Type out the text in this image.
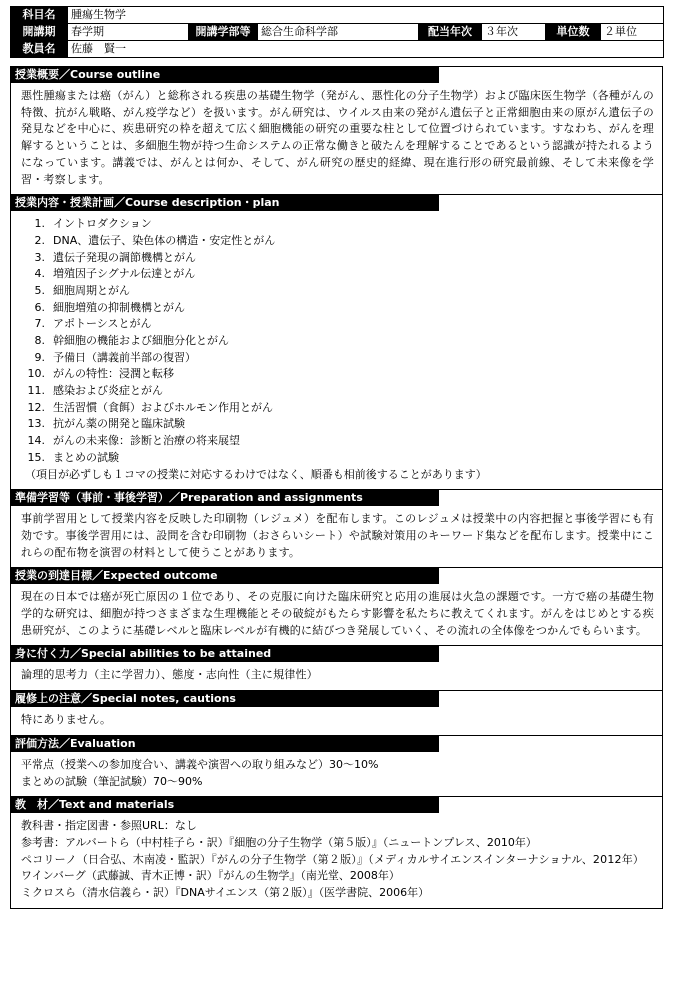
科目名	腫瘍生物学						
開講期	春学期	開講学部等	総合生命科学部	配当年次	３年次	単位数	２単位
教員名	佐藤　賢一						
授業概要／Course outline

悪性腫瘍または癌（がん）と総称される疾患の基礎生物学（発がん、悪性化の分子生物学）および臨床医生物学（各種がんの特徴、抗がん戦略、がん疫学など）を扱います。がん研究は、ウイルス由来の発がん遺伝子と正常細胞由来の原がん遺伝子の発見などを中心に、疾患研究の枠を超えて広く細胞機能の研究の重要な柱として位置づけられています。すなわち、がんを理解するということは、多細胞生物が持つ生命システムの正常な働きと破たんを理解することであるという認識が持たれるようになっています。講義では、がんとは何か、そして、がん研究の歴史的経緯、現在進行形の研究最前線、そして未来像を学習・考察します。

授業内容・授業計画／Course description・plan
1. イントロダクション
2. DNA、遺伝子、染色体の構造・安定性とがん
3. 遺伝子発現の調節機構とがん
4. 増殖因子シグナル伝達とがん
5. 細胞周期とがん
6. 細胞増殖の抑制機構とがん
7. アポトーシスとがん
8. 幹細胞の機能および細胞分化とがん
9. 予備日（講義前半部の復習）
10. がんの特性：浸潤と転移
11. 感染および炎症とがん
12. 生活習慣（食餌）およびホルモン作用とがん
13. 抗がん薬の開発と臨床試験
14. がんの未来像：診断と治療の将来展望
15. まとめの試験
（項目が必ずしも１コマの授業に対応するわけではなく、順番も相前後することがあります）
準備学習等（事前・事後学習）／Preparation and assignments

事前学習用として授業内容を反映した印刷物（レジュメ）を配布します。このレジュメは授業中の内容把握と事後学習にも有効です。事後学習用には、設問を含む印刷物（おさらいシート）や試験対策用のキーワード集などを配布します。授業中にこれらの配布物を演習の材料として使うことがあります。

授業の到達目標／Expected outcome

現在の日本では癌が死亡原因の１位であり、その克服に向けた臨床研究と応用の進展は火急の課題です。一方で癌の基礎生物学的な研究は、細胞が持つさまざまな生理機能とその破綻がもたらす影響を私たちに教えてくれます。がんをはじめとする疾患研究が、このように基礎レベルと臨床レベルが有機的に結びつき発展していく、その流れの全体像をつかんでもらいます。

身に付く力／Special abilities to be attained

論理的思考力（主に学習力）、態度・志向性（主に規律性）

履修上の注意／Special notes, cautions

特にありません。

評価方法／Evaluation
平常点（授業への参加度合い、講義や演習への取り組みなど）30〜10%
まとめの試験（筆記試験）70〜90%
教　材／Text and materials
教科書・指定図書・参照URL：なし
参考書：アルバートら（中村桂子ら・訳）『細胞の分子生物学（第５版）』（ニュートンプレス、2010年）
ペコリーノ（日合弘、木南凌・監訳）『がんの分子生物学（第２版）』（メディカルサイエンスインターナショナル、2012年）
ワインバーグ（武藤誠、青木正博・訳）『がんの生物学』（南光堂、2008年）
ミクロスら（清水信義ら・訳）『DNAサイエンス（第２版）』（医学書院、2006年）
